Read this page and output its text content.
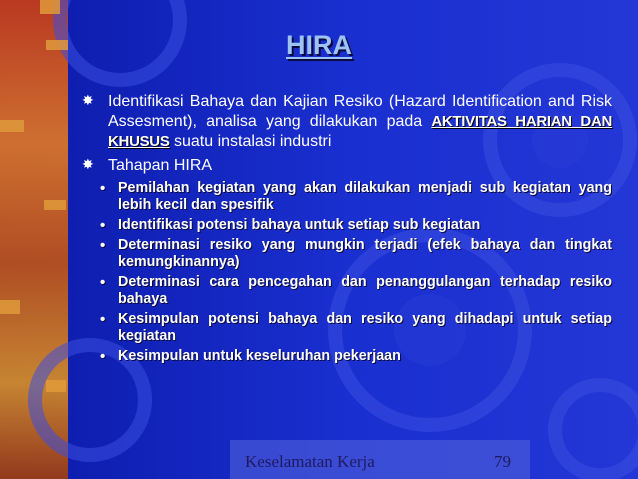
HIRA
✸ Identifikasi Bahaya dan Kajian Resiko (Hazard Identification and Risk Assesment), analisa yang dilakukan pada AKTIVITAS HARIAN DAN KHUSUS suatu instalasi industri
✸ Tahapan HIRA
• Pemilahan kegiatan yang akan dilakukan menjadi sub kegiatan yang lebih kecil dan spesifik
• Identifikasi potensi bahaya untuk setiap sub kegiatan
• Determinasi resiko yang mungkin terjadi (efek bahaya dan tingkat kemungkinannya)
• Determinasi cara pencegahan dan penanggulangan terhadap resiko bahaya
• Kesimpulan potensi bahaya dan resiko yang dihadapi untuk setiap kegiatan
• Kesimpulan untuk keseluruhan pekerjaan
Keselamatan Kerja	79
